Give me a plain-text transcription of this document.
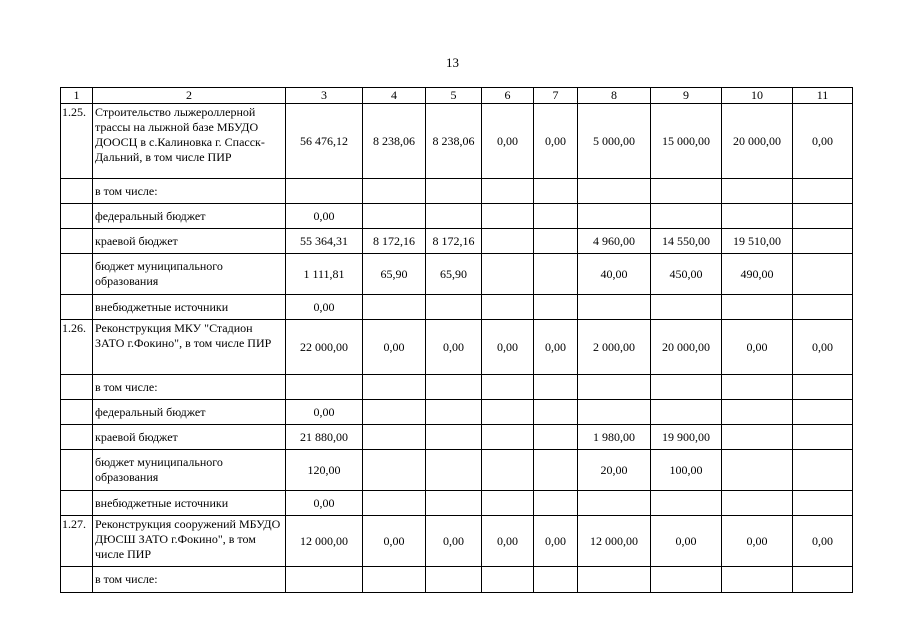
13
1	2	3	4	5	6	7	8	9	10	11
1.25.	Строительство лыжероллерной трассы на лыжной базе МБУДО ДООСЦ в с.Калиновка г. Спасск-Дальний, в том числе ПИР	56 476,12	8 238,06	8 238,06	0,00	0,00	5 000,00	15 000,00	20 000,00	0,00
	в том числе:									
	федеральный бюджет	0,00								
	краевой бюджет	55 364,31	8 172,16	8 172,16			4 960,00	14 550,00	19 510,00	
	бюджет муниципального образования	1 111,81	65,90	65,90			40,00	450,00	490,00	
	внебюджетные источники	0,00								
1.26.	Реконструкция МКУ "Стадион ЗАТО г.Фокино", в том числе ПИР	22 000,00	0,00	0,00	0,00	0,00	2 000,00	20 000,00	0,00	0,00
	в том числе:									
	федеральный бюджет	0,00								
	краевой бюджет	21 880,00					1 980,00	19 900,00		
	бюджет муниципального образования	120,00					20,00	100,00		
	внебюджетные источники	0,00								
1.27.	Реконструкция сооружений МБУДО ДЮСШ ЗАТО г.Фокино", в том числе ПИР	12 000,00	0,00	0,00	0,00	0,00	12 000,00	0,00	0,00	0,00
	в том числе:									
